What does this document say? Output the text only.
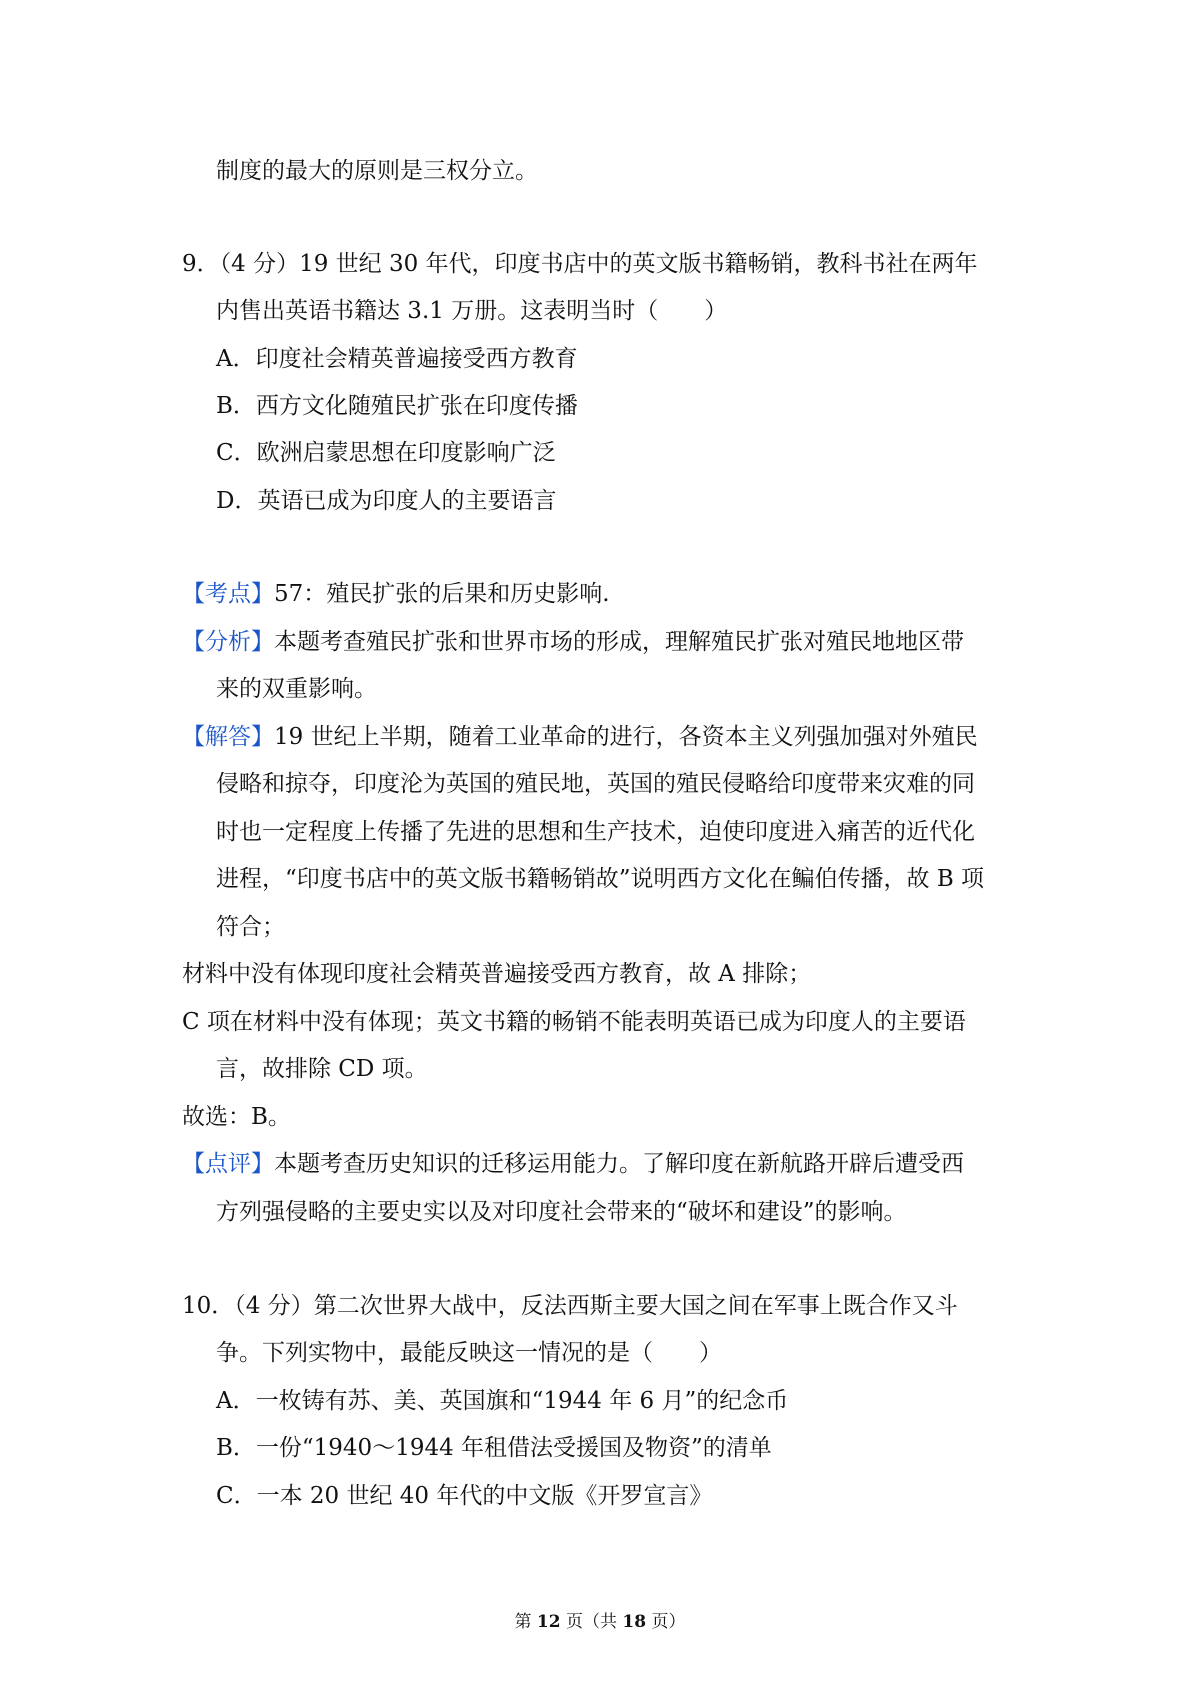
制度的最大的原则是三权分立。
9．（4 分）19 世纪 30 年代，印度书店中的英文版书籍畅销，教科书社在两年
内售出英语书籍达 3.1 万册。这表明当时（　　）
A．印度社会精英普遍接受西方教育
B．西方文化随殖民扩张在印度传播
C．欧洲启蒙思想在印度影响广泛
D．英语已成为印度人的主要语言
【考点】57：殖民扩张的后果和历史影响.
【分析】本题考查殖民扩张和世界市场的形成，理解殖民扩张对殖民地地区带
来的双重影响。
【解答】19 世纪上半期，随着工业革命的进行，各资本主义列强加强对外殖民
侵略和掠夺，印度沦为英国的殖民地，英国的殖民侵略给印度带来灾难的同
时也一定程度上传播了先进的思想和生产技术，迫使印度进入痛苦的近代化
进程，“印度书店中的英文版书籍畅销故”说明西方文化在鳊伯传播，故 B 项
符合；
材料中没有体现印度社会精英普遍接受西方教育，故 A 排除；
C 项在材料中没有体现；英文书籍的畅销不能表明英语已成为印度人的主要语
言，故排除 CD 项。
故选：B。
【点评】本题考查历史知识的迁移运用能力。了解印度在新航路开辟后遭受西
方列强侵略的主要史实以及对印度社会带来的“破坏和建设”的影响。
10．（4 分）第二次世界大战中，反法西斯主要大国之间在军事上既合作又斗
争。下列实物中，最能反映这一情况的是（　　）
A．一枚铸有苏、美、英国旗和“1944 年 6 月”的纪念币
B．一份“1940～1944 年租借法受援国及物资”的清单
C．一本 20 世纪 40 年代的中文版《开罗宣言》
第 12 页（共 18 页）
